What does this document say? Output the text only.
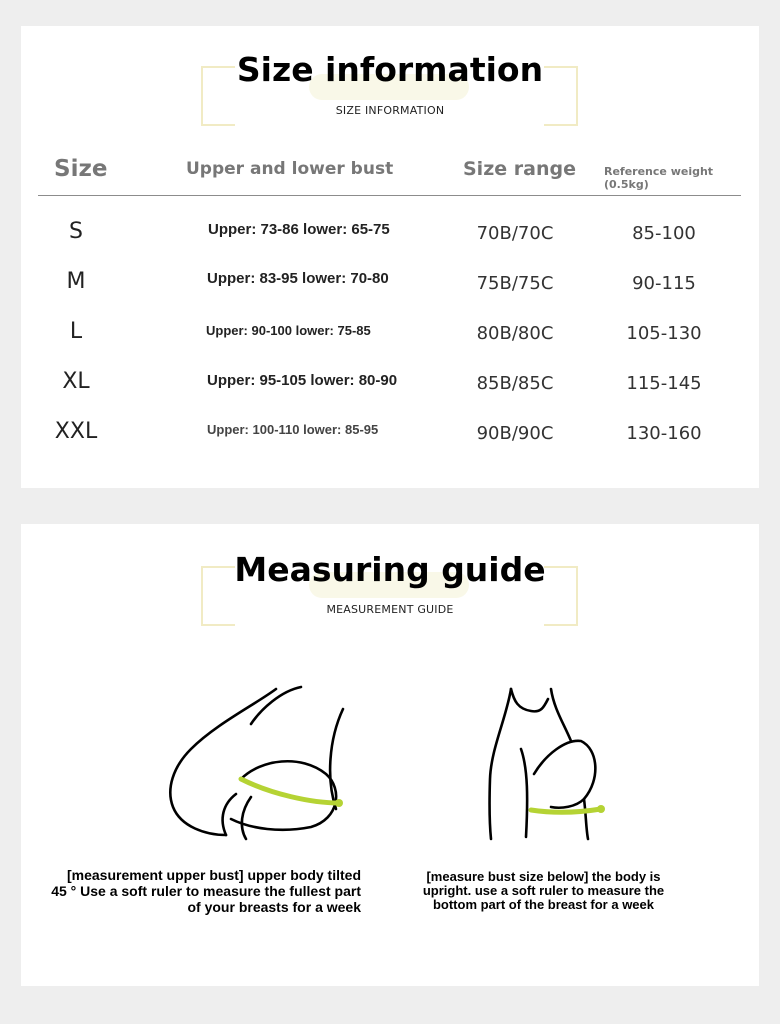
Size information
SIZE INFORMATION
Size	Upper and lower bust	Size range	Reference weight (0.5kg)
S	Upper: 73-86 lower: 65-75	70B/70C	85-100
M	Upper: 83-95 lower: 70-80	75B/75C	90-115
L	Upper: 90-100 lower: 75-85	80B/80C	105-130
XL	Upper: 95-105 lower: 80-90	85B/85C	115-145
XXL	Upper: 100-110 lower: 85-95	90B/90C	130-160
Measuring guide
MEASUREMENT GUIDE
[measurement upper bust] upper body tilted
45 ° Use a soft ruler to measure the fullest part
of your breasts for a week
[measure bust size below] the body is
upright. use a soft ruler to measure the
bottom part of the breast for a week
